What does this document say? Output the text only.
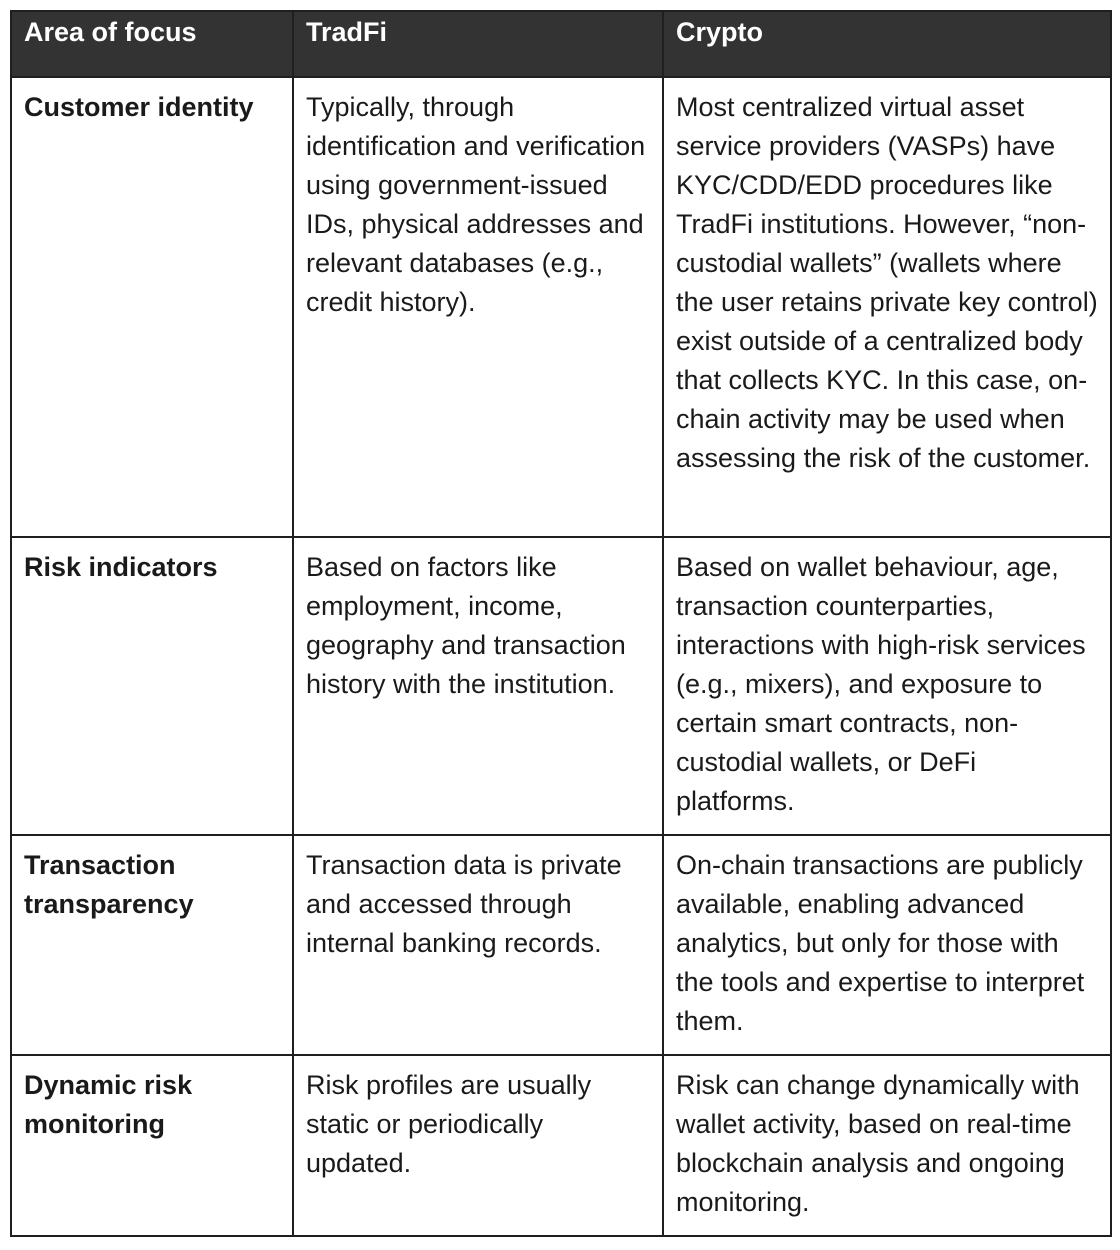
Area of focus	TradFi	Crypto
Customer identity	Typically, through identification and verification using government-issued IDs, physical addresses and relevant databases (e.g., credit history).	Most centralized virtual asset service providers (VASPs) have KYC/CDD/EDD procedures like TradFi institutions. However, “non-custodial wallets” (wallets where the user retains private key control) exist outside of a centralized body that collects KYC. In this case, on-chain activity may be used when assessing the risk of the customer.
Risk indicators	Based on factors like employment, income, geography and transaction history with the institution.	Based on wallet behaviour, age, transaction counterparties, interactions with high-risk services (e.g., mixers), and exposure to certain smart contracts, non-custodial wallets, or DeFi platforms.
Transaction transparency	Transaction data is private and accessed through internal banking records.	On-chain transactions are publicly available, enabling advanced analytics, but only for those with the tools and expertise to interpret them.
Dynamic risk monitoring	Risk profiles are usually static or periodically updated.	Risk can change dynamically with wallet activity, based on real-time blockchain analysis and ongoing monitoring.
